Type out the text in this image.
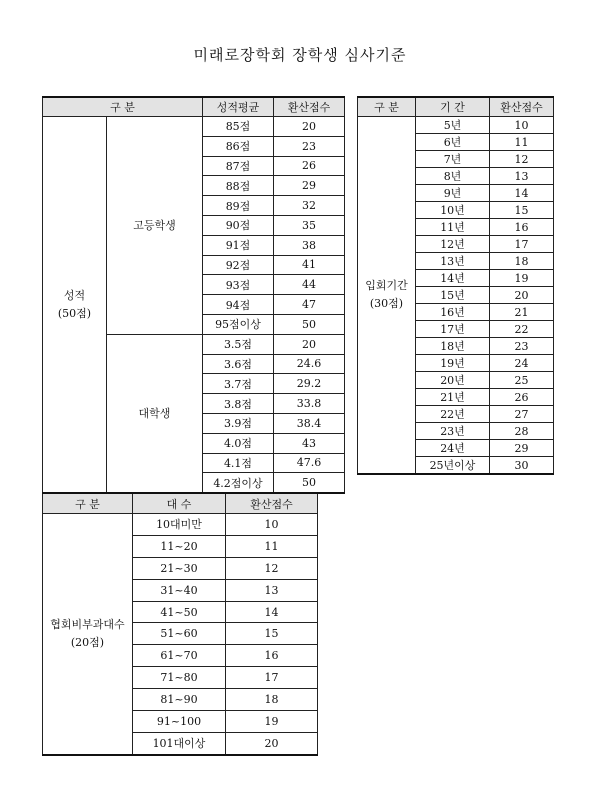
미래로장학회 장학생 심사기준
구 분		성적평균	환산점수

성적
(50점)	고등학생	85점	20
		86점	23
		87점	26
		88점	29
		89점	32
		90점	35
		91점	38
		92점	41
		93점	44
		94점	47
		95점이상	50
	대학생	3.5점	20
		3.6점	24.6
		3.7점	29.2
		3.8점	33.8
		3.9점	38.4
		4.0점	43
		4.1점	47.6
		4.2점이상	50
구 분	기 간	환산점수

입회기간
(30점)	5년	10
	6년	11
	7년	12
	8년	13
	9년	14
	10년	15
	11년	16
	12년	17
	13년	18
	14년	19
	15년	20
	16년	21
	17년	22
	18년	23
	19년	24
	20년	25
	21년	26
	22년	27
	23년	28
	24년	29
	25년이상	30
구 분	대 수	환산점수

협회비부과대수
(20점)	10대미만	10
	11~20	11
	21~30	12
	31~40	13
	41~50	14
	51~60	15
	61~70	16
	71~80	17
	81~90	18
	91~100	19
	101대이상	20
